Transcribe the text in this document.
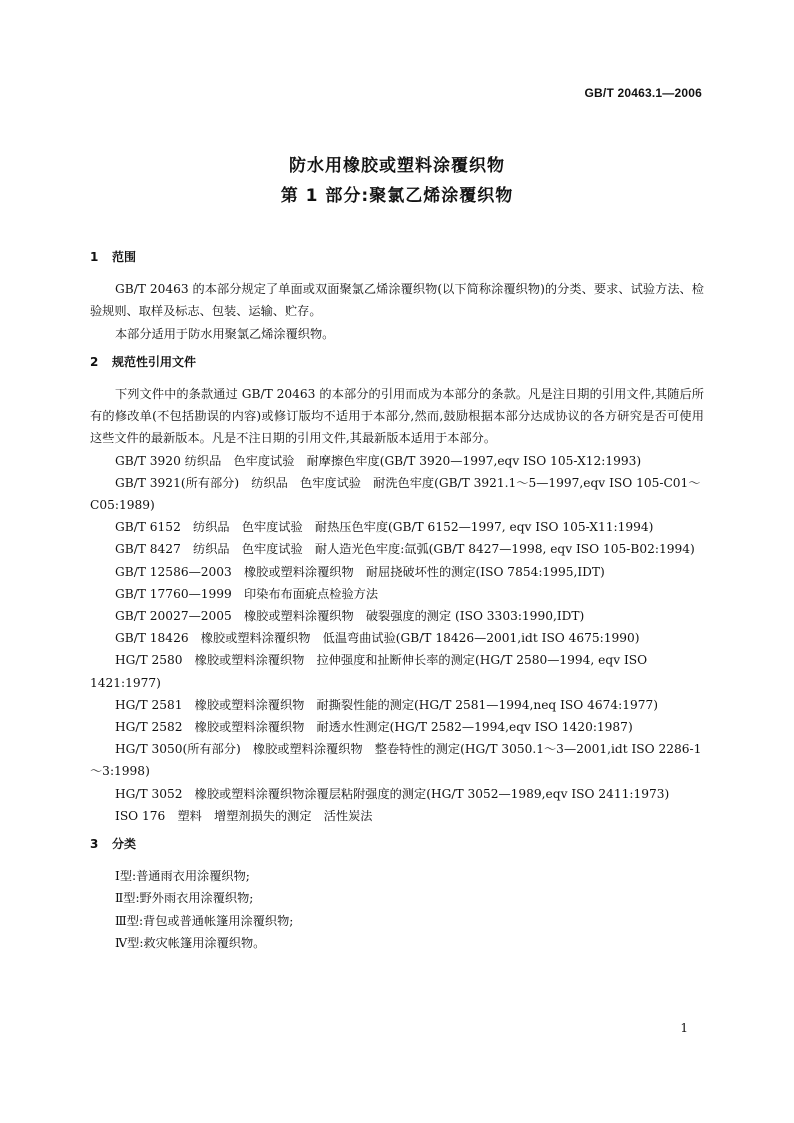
GB/T 20463.1—2006
防水用橡胶或塑料涂覆织物
第 1 部分:聚氯乙烯涂覆织物
1 范围

GB/T 20463 的本部分规定了单面或双面聚氯乙烯涂覆织物(以下简称涂覆织物)的分类、要求、试验方法、检验规则、取样及标志、包装、运输、贮存。

本部分适用于防水用聚氯乙烯涂覆织物。

2 规范性引用文件

下列文件中的条款通过 GB/T 20463 的本部分的引用而成为本部分的条款。凡是注日期的引用文件,其随后所有的修改单(不包括勘误的内容)或修订版均不适用于本部分,然而,鼓励根据本部分达成协议的各方研究是否可使用这些文件的最新版本。凡是不注日期的引用文件,其最新版本适用于本部分。

GB/T 3920 纺织品　色牢度试验　耐摩擦色牢度(GB/T 3920—1997,eqv ISO 105-X12:1993)

GB/T 3921(所有部分)　纺织品　色牢度试验　耐洗色牢度(GB/T 3921.1～5—1997,eqv ISO 105-C01～C05:1989)

GB/T 6152　纺织品　色牢度试验　耐热压色牢度(GB/T 6152—1997, eqv ISO 105-X11:1994)

GB/T 8427　纺织品　色牢度试验　耐人造光色牢度:氙弧(GB/T 8427—1998, eqv ISO 105-B02:1994)

GB/T 12586—2003　橡胶或塑料涂覆织物　耐屈挠破坏性的测定(ISO 7854:1995,IDT)

GB/T 17760—1999　印染布布面疵点检验方法

GB/T 20027—2005　橡胶或塑料涂覆织物　破裂强度的测定 (ISO 3303:1990,IDT)

GB/T 18426　橡胶或塑料涂覆织物　低温弯曲试验(GB/T 18426—2001,idt ISO 4675:1990)

HG/T 2580　橡胶或塑料涂覆织物　拉伸强度和扯断伸长率的测定(HG/T 2580—1994, eqv ISO 1421:1977)

HG/T 2581　橡胶或塑料涂覆织物　耐撕裂性能的测定(HG/T 2581—1994,neq ISO 4674:1977)

HG/T 2582　橡胶或塑料涂覆织物　耐透水性测定(HG/T 2582—1994,eqv ISO 1420:1987)

HG/T 3050(所有部分)　橡胶或塑料涂覆织物　整卷特性的测定(HG/T 3050.1～3—2001,idt ISO 2286-1～3:1998)

HG/T 3052　橡胶或塑料涂覆织物涂覆层粘附强度的测定(HG/T 3052—1989,eqv ISO 2411:1973)

ISO 176　塑料　增塑剂损失的测定　活性炭法

3 分类

Ⅰ型:普通雨衣用涂覆织物;

Ⅱ型:野外雨衣用涂覆织物;

Ⅲ型:背包或普通帐篷用涂覆织物;

Ⅳ型:救灾帐篷用涂覆织物。

1
